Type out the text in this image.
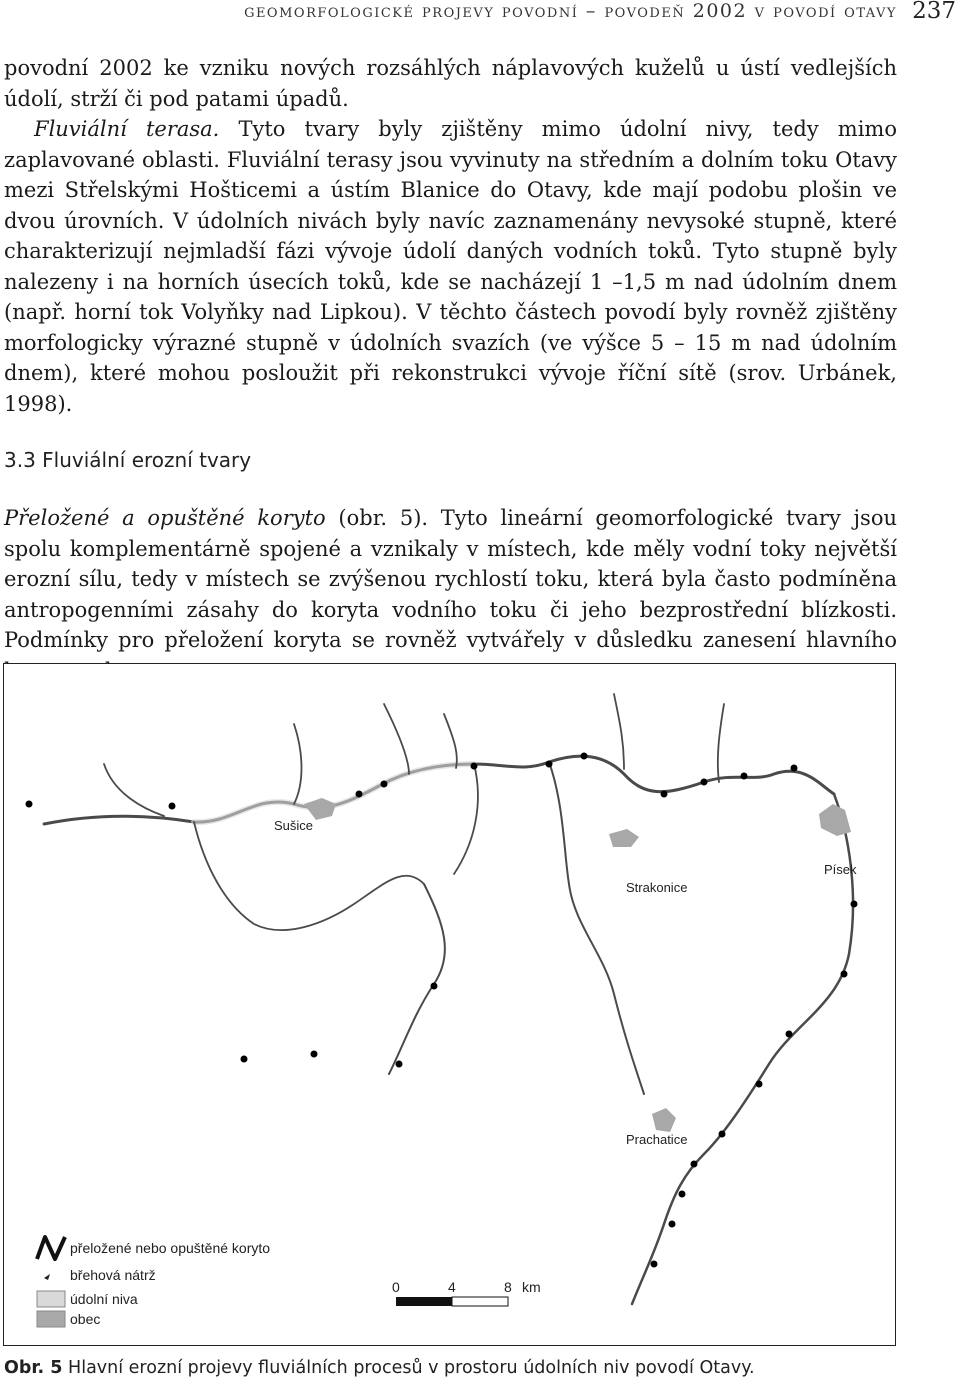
geomorfologické projevy povodní – povodeň 2002 v povodí otavy 237

povodní 2002 ke vzniku nových rozsáhlých náplavových kuželů u ústí vedlejších údolí, strží či pod patami úpadů.

Fluviální terasa. Tyto tvary byly zjištěny mimo údolní nivy, tedy mimo zaplavované oblasti. Fluviální terasy jsou vyvinuty na středním a dolním toku Otavy mezi Střelskými Hošticemi a ústím Blanice do Otavy, kde mají podobu plošin ve dvou úrovních. V údolních nivách byly navíc zaznamenány nevysoké stupně, které charakterizují nejmladší fázi vývoje údolí daných vodních toků. Tyto stupně byly nalezeny i na horních úsecích toků, kde se nacházejí 1 –1,5 m nad údolním dnem (např. horní tok Volyňky nad Lipkou). V těchto částech povodí byly rovněž zjištěny morfologicky výrazné stupně v údolních svazích (ve výšce 5 – 15 m nad údolním dnem), které mohou posloužit při rekonstrukci vývoje říční sítě (srov. Urbánek, 1998).

3.3 Fluviální erozní tvary

Přeložené a opuštěné koryto (obr. 5). Tyto lineární geomorfologické tvary jsou spolu komplementárně spojené a vznikaly v místech, kde měly vodní toky největší erozní sílu, tedy v místech se zvýšenou rychlostí toku, která byla často podmíněna antropogenními zásahy do koryta vodního toku či jeho bezprostřední blízkosti. Podmínky pro přeložení koryta se rovněž vytvářely v důsledku zanesení hlavního

Sušice
Strakonice
Písek
Prachatice
přeložené nebo opuštěné koryto
břehová nátrž
údolní niva
obec
0	4	8 km
Obr. 5 Hlavní erozní projevy fluviálních procesů v prostoru údolních niv povodí Otavy.
